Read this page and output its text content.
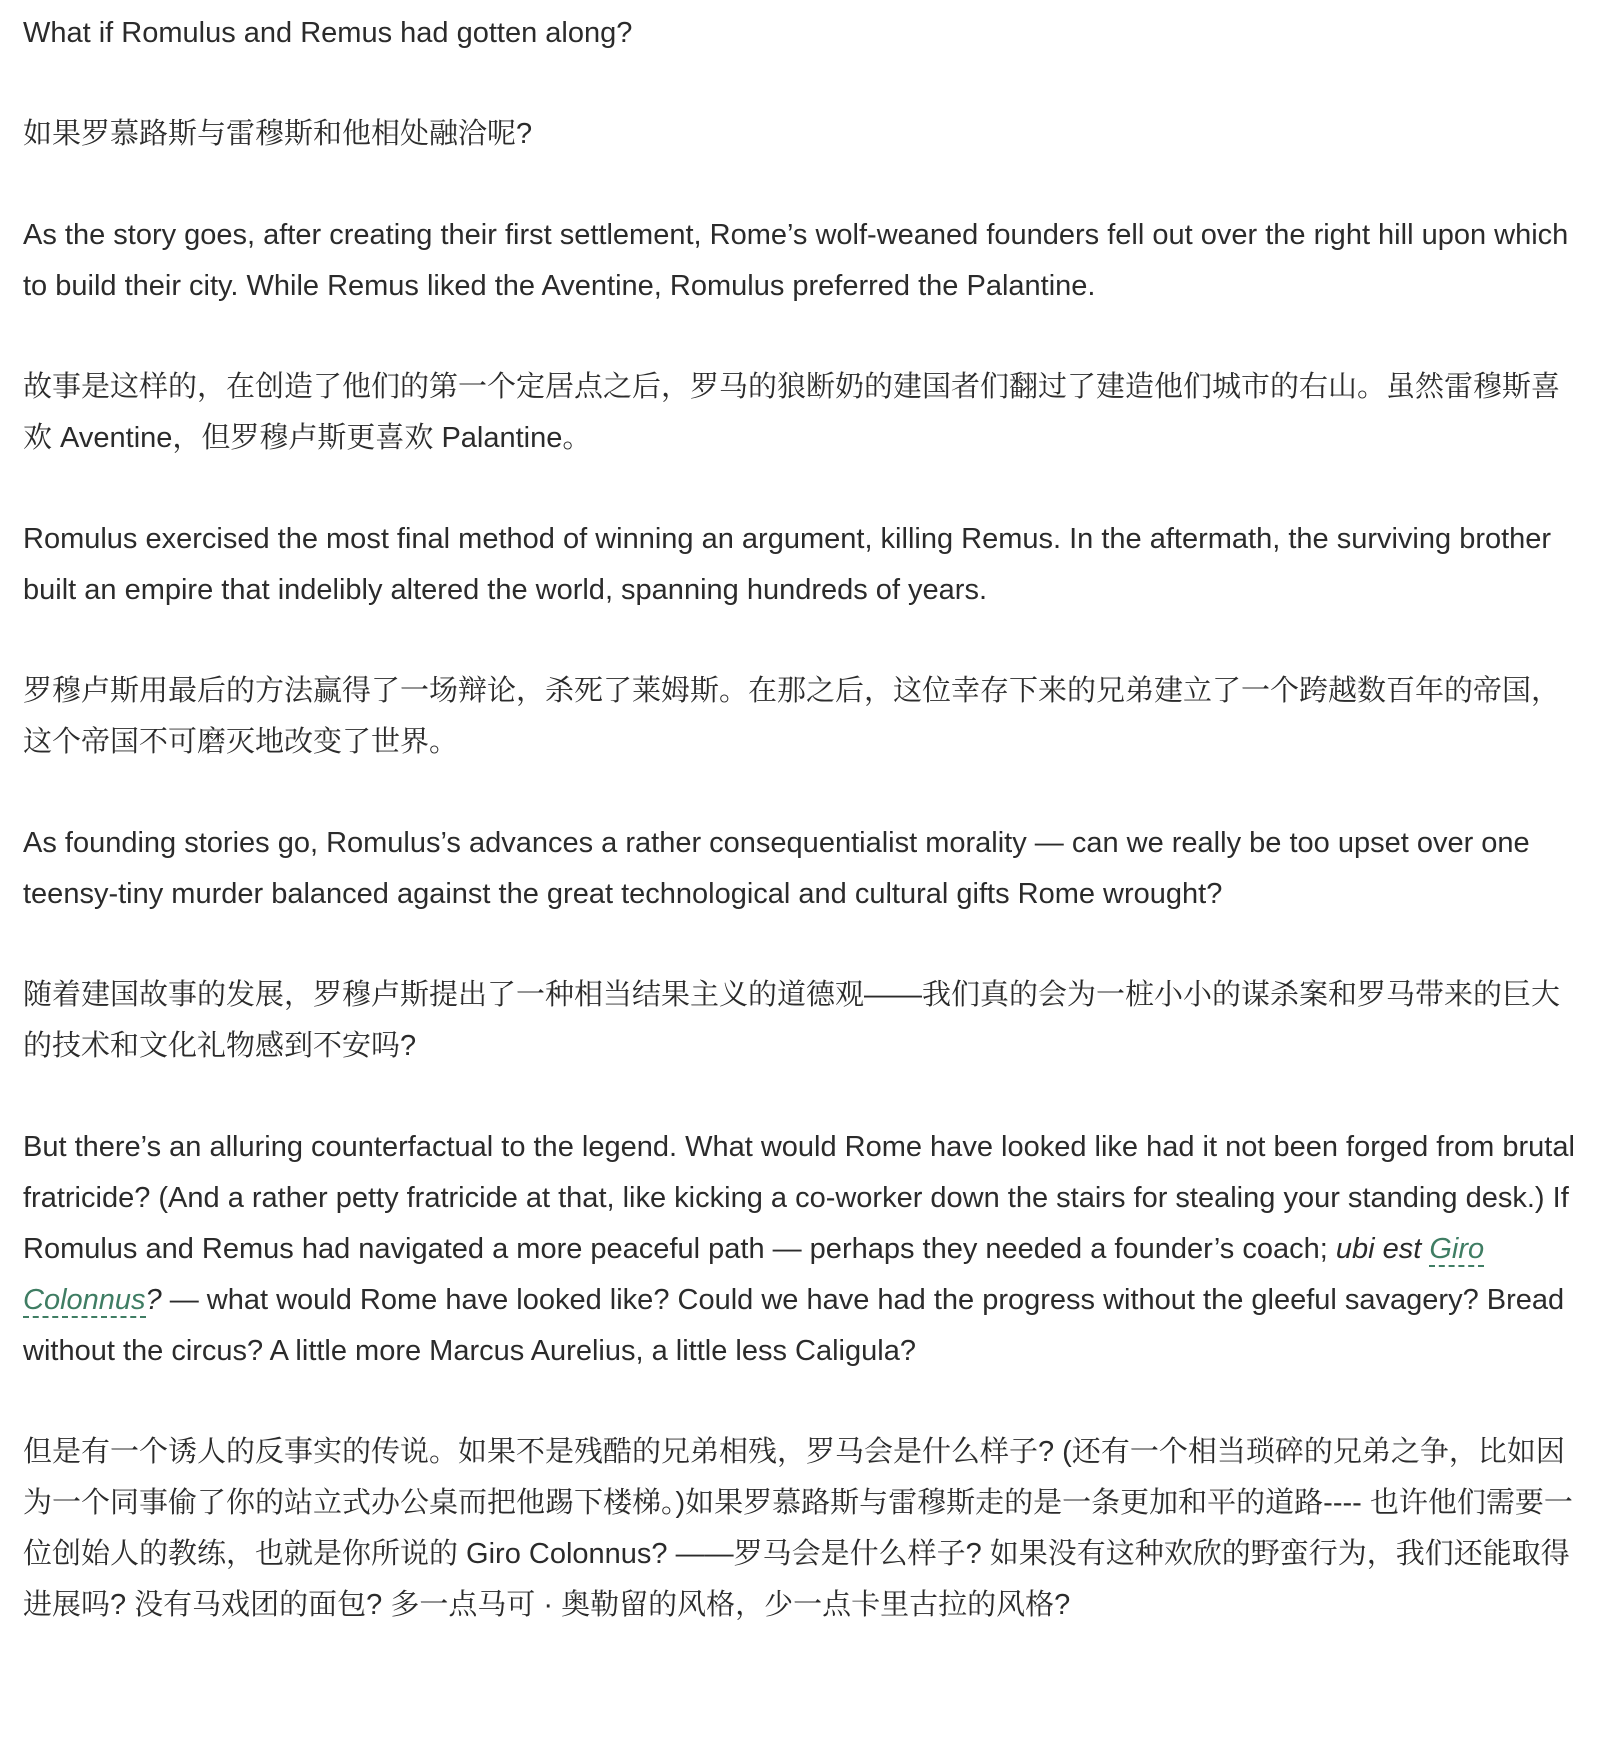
What if Romulus and Remus had gotten along?

如果罗慕路斯与雷穆斯和他相处融洽呢?

As the story goes, after creating their first settlement, Rome’s wolf-weaned founders fell out over the right hill upon which to build their city. While Remus liked the Aventine, Romulus preferred the Palantine.

故事是这样的，在创造了他们的第一个定居点之后，罗马的狼断奶的建国者们翻过了建造他们城市的右山。虽然雷穆斯喜欢 Aventine，但罗穆卢斯更喜欢 Palantine。

Romulus exercised the most final method of winning an argument, killing Remus. In the aftermath, the surviving brother built an empire that indelibly altered the world, spanning hundreds of years.

罗穆卢斯用最后的方法赢得了一场辩论，杀死了莱姆斯。在那之后，这位幸存下来的兄弟建立了一个跨越数百年的帝国，这个帝国不可磨灭地改变了世界。

As founding stories go, Romulus’s advances a rather consequentialist morality — can we really be too upset over one teensy-tiny murder balanced against the great technological and cultural gifts Rome wrought?

随着建国故事的发展，罗穆卢斯提出了一种相当结果主义的道德观——我们真的会为一桩小小的谋杀案和罗马带来的巨大的技术和文化礼物感到不安吗?

But there’s an alluring counterfactual to the legend. What would Rome have looked like had it not been forged from brutal fratricide? (And a rather petty fratricide at that, like kicking a co-worker down the stairs for stealing your standing desk.) If Romulus and Remus had navigated a more peaceful path — perhaps they needed a founder’s coach; ubi est Giro Colonnus? — what would Rome have looked like? Could we have had the progress without the gleeful savagery? Bread without the circus? A little more Marcus Aurelius, a little less Caligula?

但是有一个诱人的反事实的传说。如果不是残酷的兄弟相残，罗马会是什么样子? (还有一个相当琐碎的兄弟之争，比如因为一个同事偷了你的站立式办公桌而把他踢下楼梯。)如果罗慕路斯与雷穆斯走的是一条更加和平的道路---- 也许他们需要一位创始人的教练，也就是你所说的 Giro Colonnus? ——罗马会是什么样子? 如果没有这种欢欣的野蛮行为，我们还能取得进展吗? 没有马戏团的面包? 多一点马可 · 奥勒留的风格，少一点卡里古拉的风格?
